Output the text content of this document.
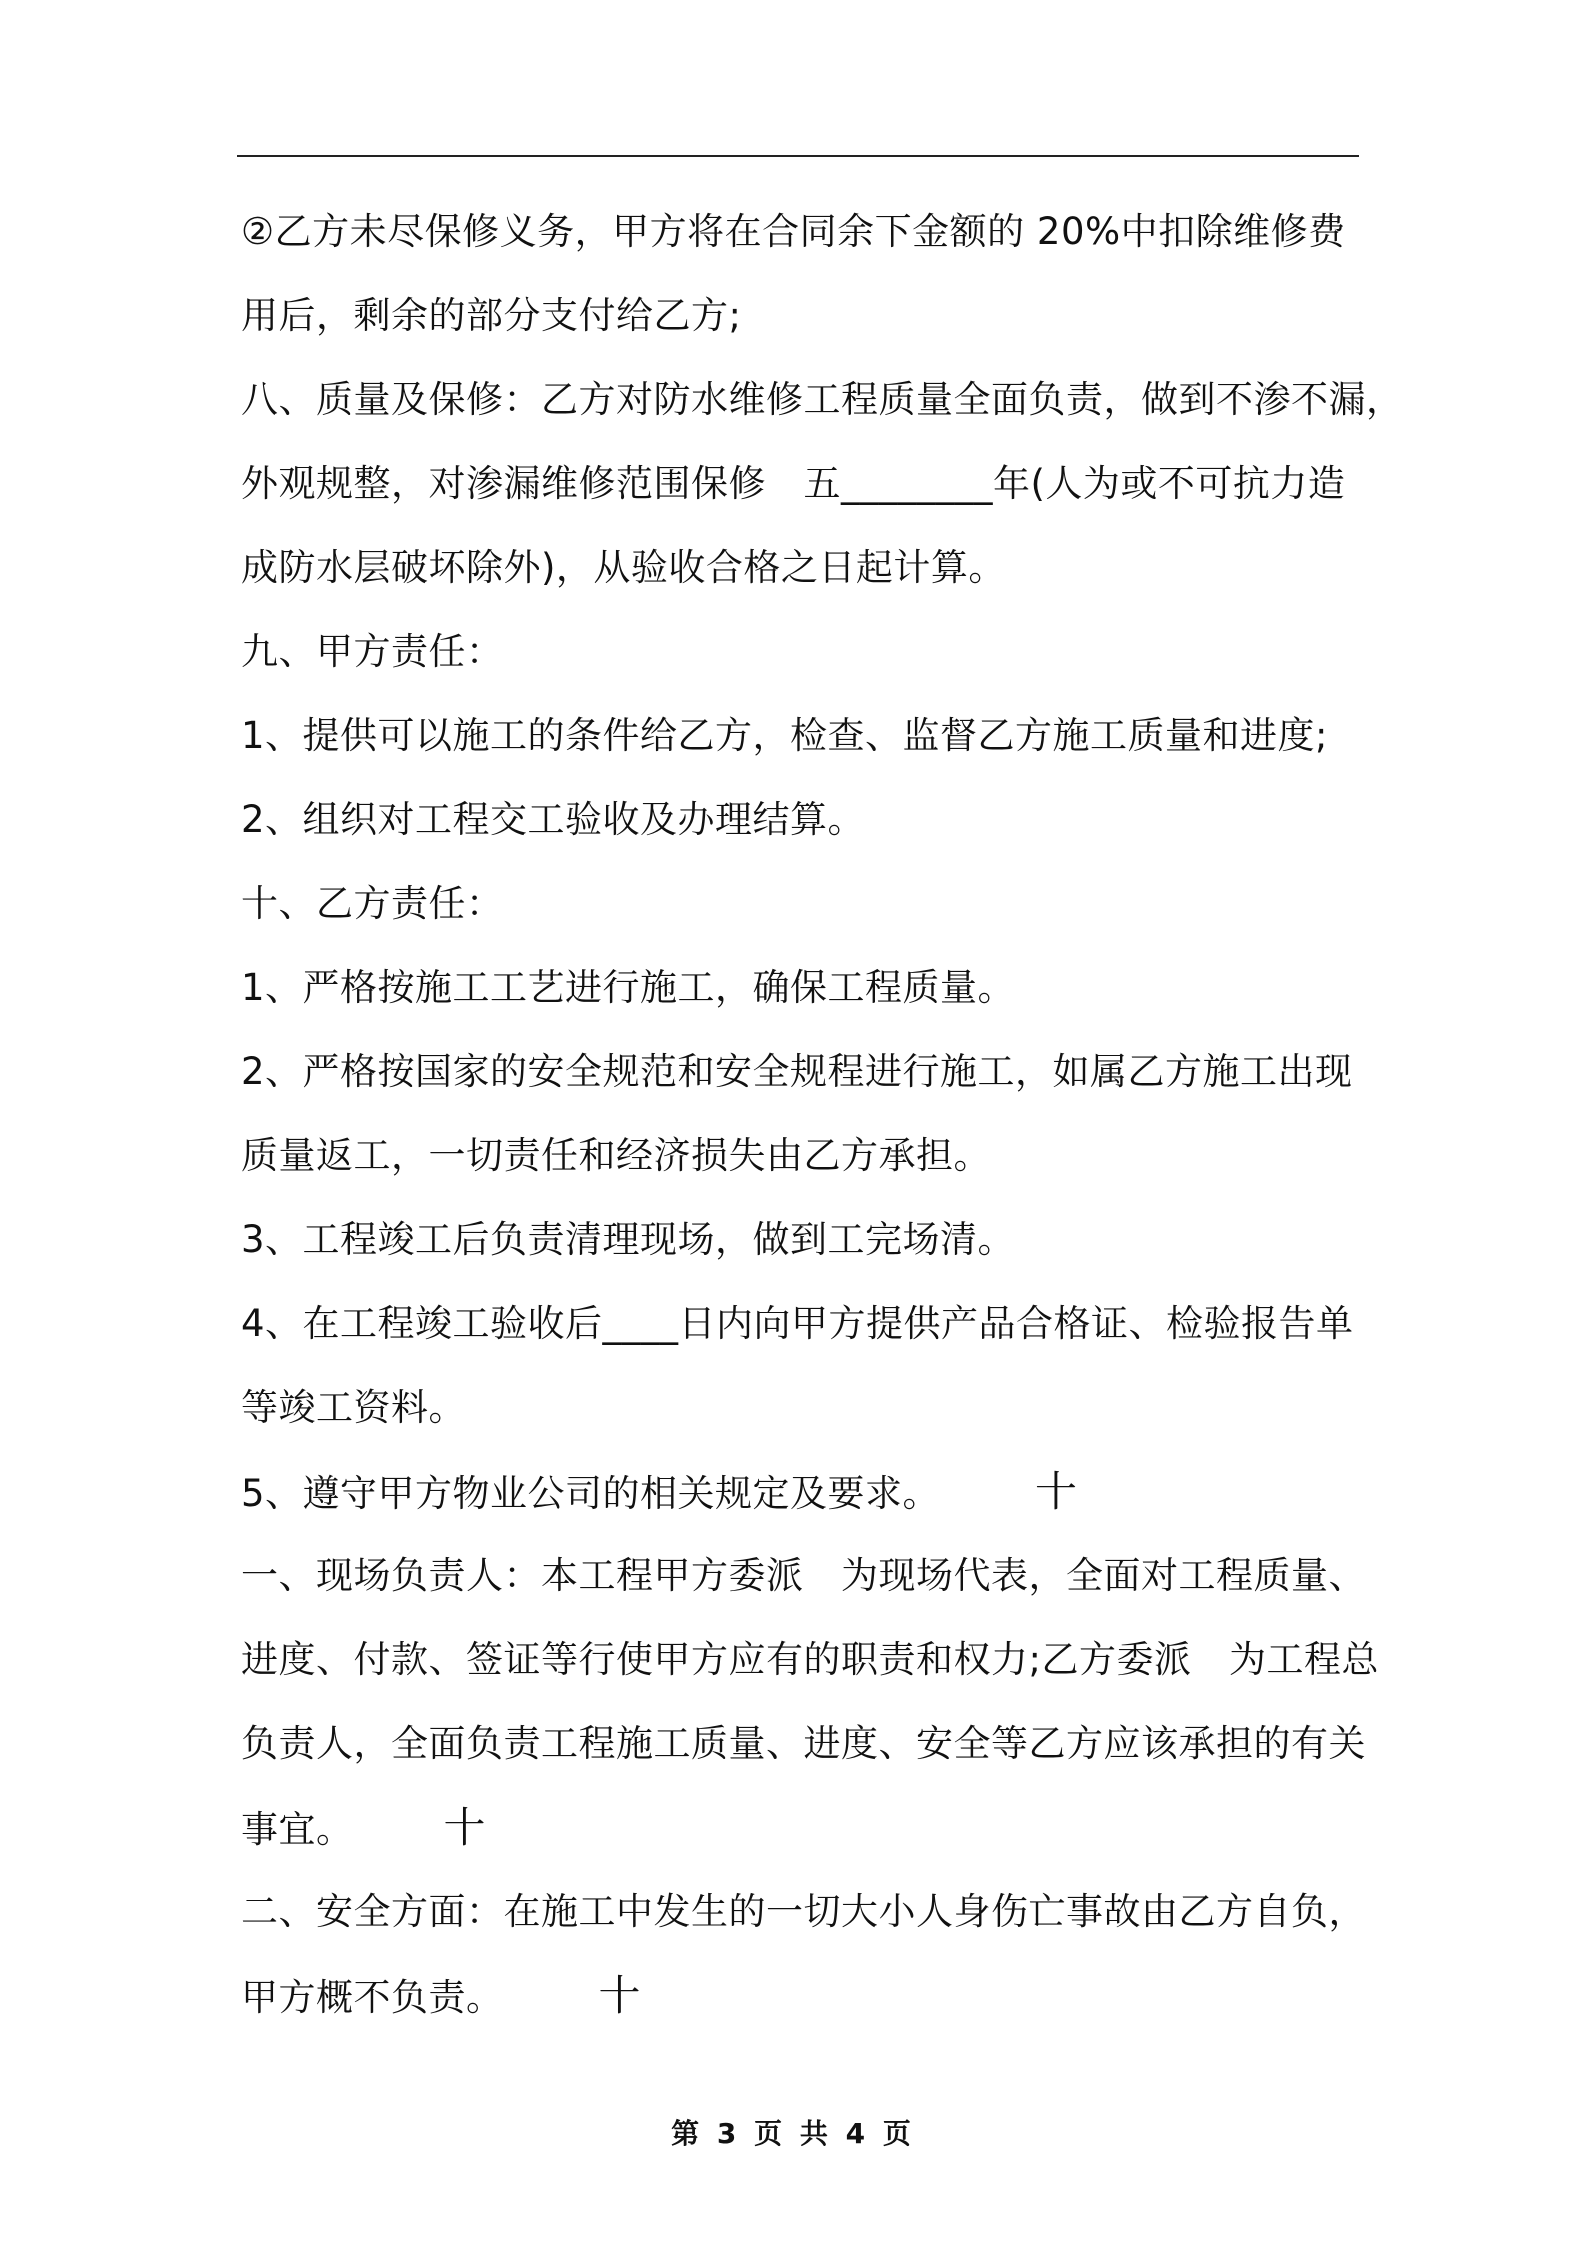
②乙方未尽保修义务，甲方将在合同余下金额的 20%中扣除维修费
用后，剩余的部分支付给乙方;
八、质量及保修：乙方对防水维修工程质量全面负责，做到不渗不漏，
外观规整，对渗漏维修范围保修　五________年(人为或不可抗力造
成防水层破坏除外)，从验收合格之日起计算。
九、甲方责任：
1、提供可以施工的条件给乙方，检查、监督乙方施工质量和进度;
2、组织对工程交工验收及办理结算。
十、乙方责任：
1、严格按施工工艺进行施工，确保工程质量。
2、严格按国家的安全规范和安全规程进行施工，如属乙方施工出现
质量返工，一切责任和经济损失由乙方承担。
3、工程竣工后负责清理现场，做到工完场清。
4、在工程竣工验收后____日内向甲方提供产品合格证、检验报告单
等竣工资料。
5、遵守甲方物业公司的相关规定及要求。 十
一、现场负责人：本工程甲方委派　为现场代表，全面对工程质量、
进度、付款、签证等行使甲方应有的职责和权力;乙方委派　为工程总
负责人，全面负责工程施工质量、进度、安全等乙方应该承担的有关
事宜。 十
二、安全方面：在施工中发生的一切大小人身伤亡事故由乙方自负，
甲方概不负责。 十
第 3 页 共 4 页
